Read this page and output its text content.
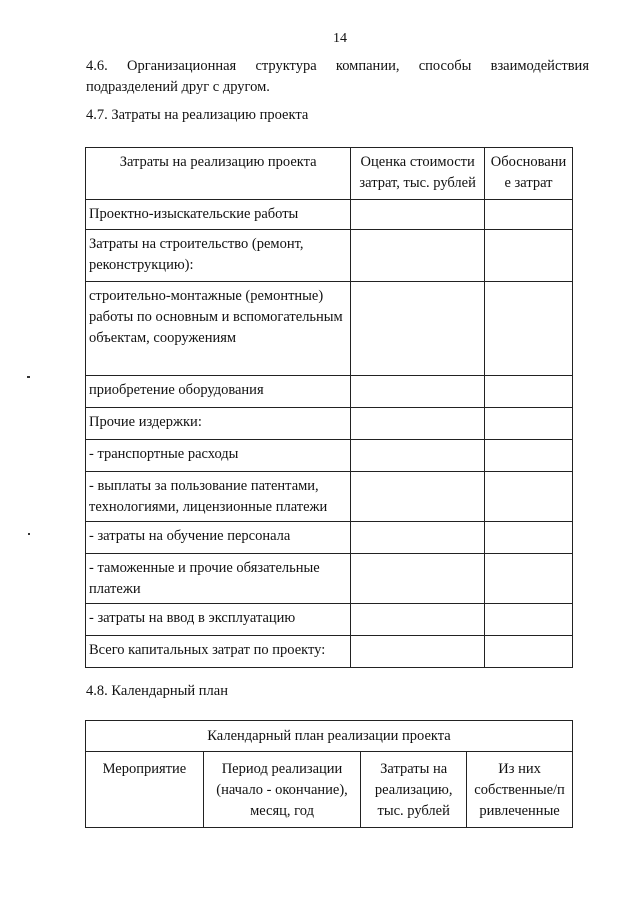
14
4.6. Организационная структура компании, способы взаимодействия
подразделений друг с другом.
4.7. Затраты на реализацию проекта
Затраты на реализацию проекта	Оценка стоимости затрат, тыс. рублей	Обосновани е затрат
Проектно-изыскательские работы		
Затраты на строительство (ремонт, реконструкцию):		
строительно-монтажные (ремонтные) работы по основным и вспомогательным объектам, сооружениям		
приобретение оборудования		
Прочие издержки:		
- транспортные расходы		
- выплаты за пользование патентами, технологиями, лицензионные платежи		
- затраты на обучение персонала		
- таможенные и прочие обязательные платежи		
- затраты на ввод в эксплуатацию		
Всего капитальных затрат по проекту:		
4.8. Календарный план
Календарный план реализации проекта
Мероприятие	Период реализации (начало - окончание), месяц, год	Затраты на реализацию, тыс. рублей	Из них собственные/п ривлеченные
